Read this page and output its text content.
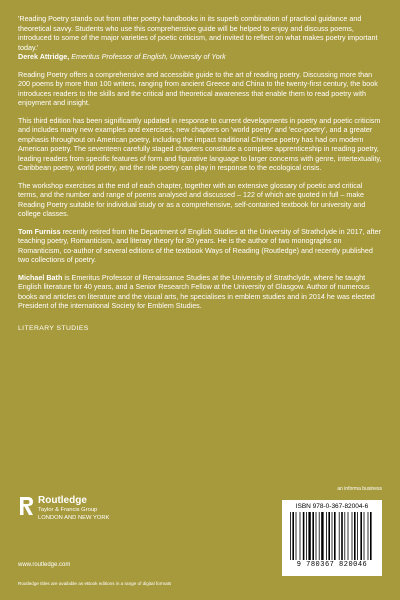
'Reading Poetry stands out from other poetry handbooks in its superb combination of practical guidance and theoretical savvy. Students who use this comprehensive guide will be helped to enjoy and discuss poems, introduced to some of the major varieties of poetic criticism, and invited to reflect on what makes poetry important today.'

Derek Attridge, Emeritus Professor of English, University of York

Reading Poetry offers a comprehensive and accessible guide to the art of reading poetry. Discussing more than 200 poems by more than 100 writers, ranging from ancient Greece and China to the twenty-first century, the book introduces readers to the skills and the critical and theoretical awareness that enable them to read poetry with enjoyment and insight.

This third edition has been significantly updated in response to current developments in poetry and poetic criticism and includes many new examples and exercises, new chapters on 'world poetry' and 'eco-poetry', and a greater emphasis throughout on American poetry, including the impact traditional Chinese poetry has had on modern American poetry. The seventeen carefully staged chapters constitute a complete apprenticeship in reading poetry, leading readers from specific features of form and figurative language to larger concerns with genre, intertextuality, Caribbean poetry, world poetry, and the role poetry can play in response to the ecological crisis.

The workshop exercises at the end of each chapter, together with an extensive glossary of poetic and critical terms, and the number and range of poems analysed and discussed – 122 of which are quoted in full – make Reading Poetry suitable for individual study or as a comprehensive, self-contained textbook for university and college classes.

Tom Furniss recently retired from the Department of English Studies at the University of Strathclyde in 2017, after teaching poetry, Romanticism, and literary theory for 30 years. He is the author of two monographs on Romanticism, co-author of several editions of the textbook Ways of Reading (Routledge) and recently published two collections of poetry.

Michael Bath is Emeritus Professor of Renaissance Studies at the University of Strathclyde, where he taught English literature for 40 years, and a Senior Research Fellow at the University of Glasgow. Author of numerous books and articles on literature and the visual arts, he specialises in emblem studies and in 2014 he was elected President of the international Society for Emblem Studies.

LITERARY STUDIES
Routledge
Taylor & Francis Group
LONDON AND NEW YORK
www.routledge.com
Routledge titles are available as eBook editions in a range of digital formats
an informa business
ISBN 978-0-367-82004-6
9 780367 820046
